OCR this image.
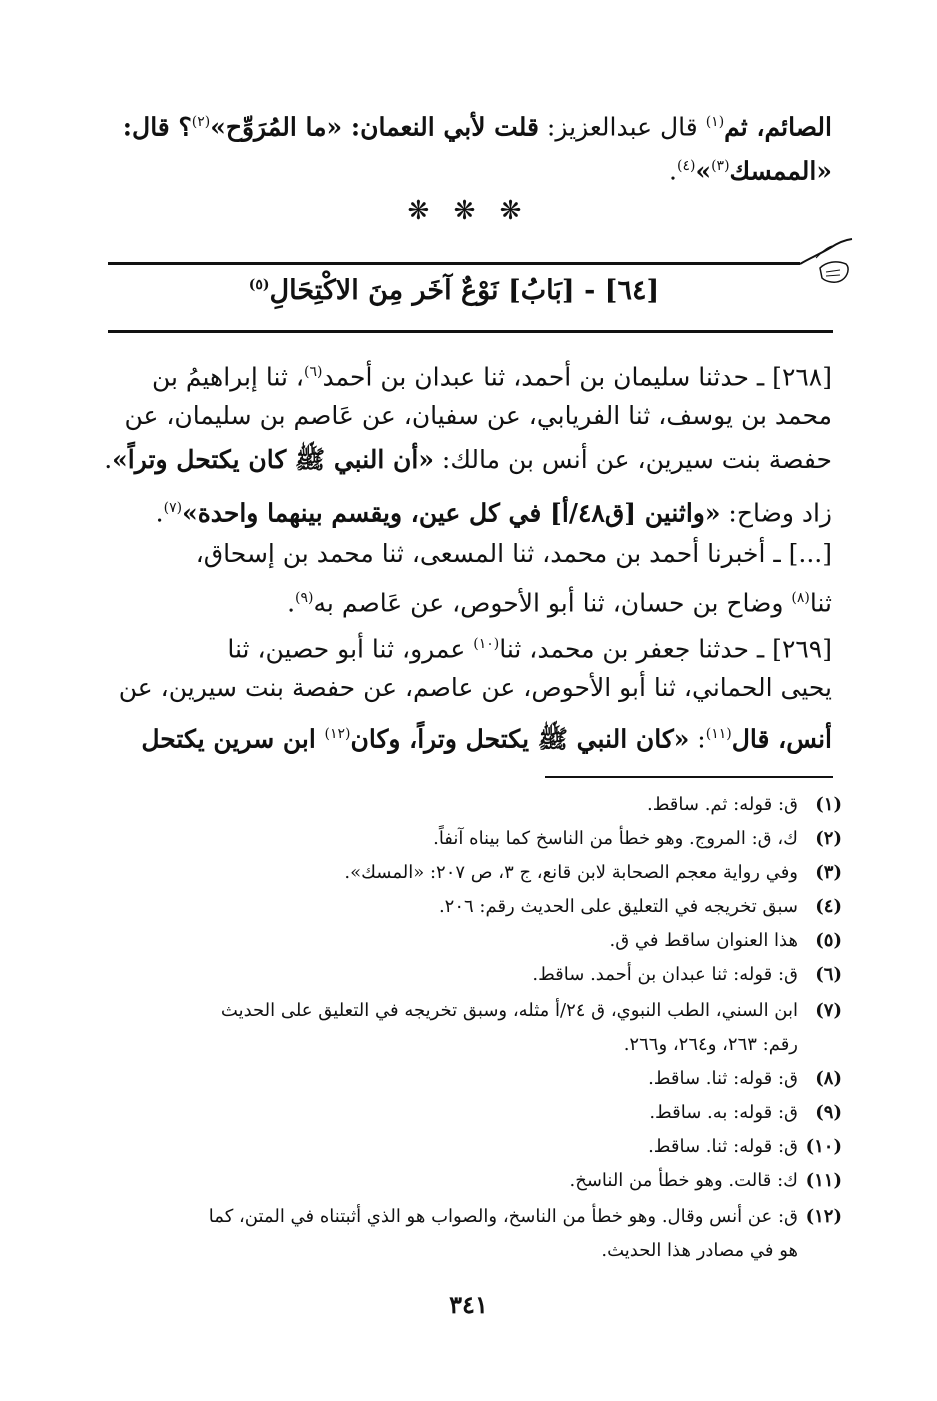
الصائم، ثم$^{(١)}$ قال عبدالعزيز: قلت لأبي النعمان: «ما المُرَوِّح»$^{(٢)}$؟ قال:
«الممسك$^{(٣)}$»$^{(٤)}$.
❋ ❋ ❋
[٦٤] - [بَابُ] نَوْعٌ آخَر مِنَ الاكْتِحَالِ$^{(٥)}$
[٢٦٨] ـ حدثنا سليمان بن أحمد، ثنا عبدان بن أحمد$^{(٦)}$، ثنا إبراهيمُ بن
محمد بن يوسف، ثنا الفريابي، عن سفيان، عن عَاصم بن سليمان، عن
حفصة بنت سيرين، عن أنس بن مالك: «أن النبي ﷺ كان يكتحل وتراً».
زاد وضاح: «واثنين [ق٤٨/أ] في كل عين، ويقسم بينهما واحدة»$^{(٧)}$.
[...] ـ أخبرنا أحمد بن محمد، ثنا المسعى، ثنا محمد بن إسحاق،
ثنا$^{(٨)}$ وضاح بن حسان، ثنا أبو الأحوص، عن عَاصم به$^{(٩)}$.
[٢٦٩] ـ حدثنا جعفر بن محمد، ثنا$^{(١٠)}$ عمرو، ثنا أبو حصين، ثنا
يحيى الحماني، ثنا أبو الأحوص، عن عاصم، عن حفصة بنت سيرين، عن
أنس، قال$^{(١١)}$: «كان النبي ﷺ يكتحل وتراً، وكان$^{(١٢)}$ ابن سرين يكتحل
(١)ق: قوله: ثم. ساقط.
(٢)ك، ق: المروج. وهو خطأ من الناسخ كما بيناه آنفاً.
(٣)وفي رواية معجم الصحابة لابن قانع، ج ٣، ص ٢٠٧: «المسك».
(٤)سبق تخريجه في التعليق على الحديث رقم: ٢٠٦.
(٥)هذا العنوان ساقط في ق.
(٦)ق: قوله: ثنا عبدان بن أحمد. ساقط.
(٧)ابن السني، الطب النبوي، ق ٢٤/أ مثله، وسبق تخريجه في التعليق على الحديث
رقم: ٢٦٣، و٢٦٤، و٢٦٦.
(٨)ق: قوله: ثنا. ساقط.
(٩)ق: قوله: به. ساقط.
(١٠)ق: قوله: ثنا. ساقط.
(١١)ك: قالت. وهو خطأ من الناسخ.
(١٢)ق: عن أنس وقال. وهو خطأ من الناسخ، والصواب هو الذي أثبتناه في المتن، كما
هو في مصادر هذا الحديث.
٣٤١
